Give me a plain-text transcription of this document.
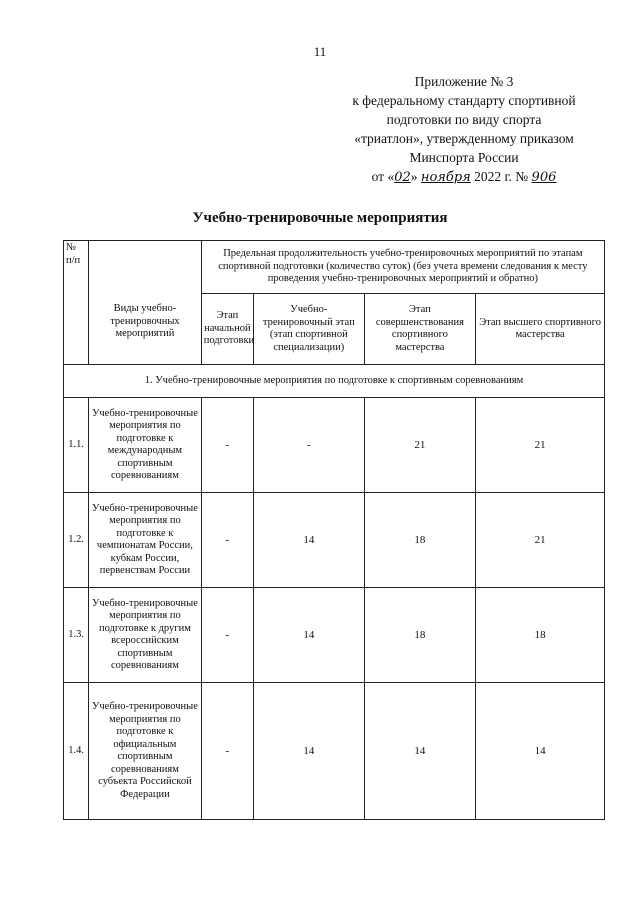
11
Приложение № 3
к федеральному стандарту спортивной
подготовки по виду спорта
«триатлон», утвержденному приказом
Минспорта России
от «02» ноября 2022 г. № 906
Учебно-тренировочные мероприятия
№ п/п	Виды учебно-тренировочных мероприятий	Предельная продолжительность учебно-тренировочных мероприятий по этапам спортивной подготовки (количество суток) (без учета времени следования к месту проведения учебно-тренировочных мероприятий и обратно)			
		Этап начальной подготовки	Учебно-тренировочный этап (этап спортивной специализации)	Этап совершенствования спортивного мастерства	Этап высшего спортивного мастерства
1. Учебно-тренировочные мероприятия по подготовке к спортивным соревнованиям					
1.1.	Учебно-тренировочные мероприятия по подготовке к международным спортивным соревнованиям	-	-	21	21
1.2.	Учебно-тренировочные мероприятия по подготовке к чемпионатам России, кубкам России, первенствам России	-	14	18	21
1.3.	Учебно-тренировочные мероприятия по подготовке к другим всероссийским спортивным соревнованиям	-	14	18	18
1.4.	Учебно-тренировочные мероприятия по подготовке к официальным спортивным соревнованиям субъекта Российской Федерации	-	14	14	14
